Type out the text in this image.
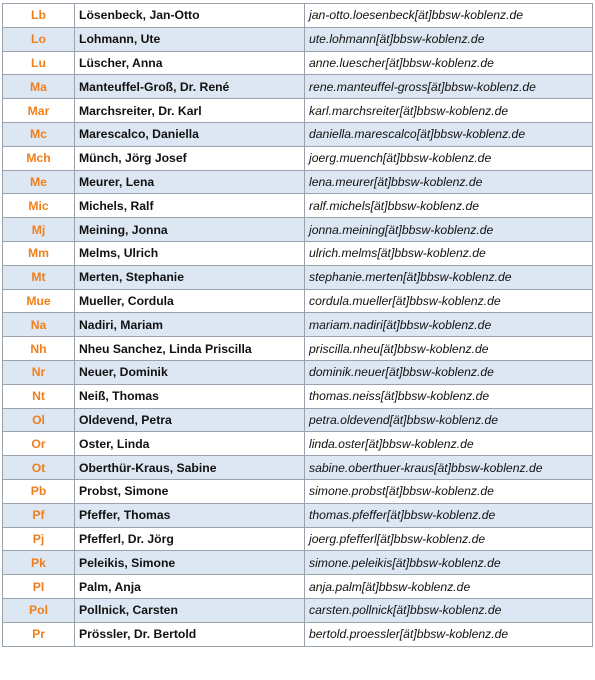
Lb	Lösenbeck, Jan-Otto	jan-otto.loesenbeck[ät]bbsw-koblenz.de
Lo	Lohmann, Ute	ute.lohmann[ät]bbsw-koblenz.de
Lu	Lüscher, Anna	anne.luescher[ät]bbsw-koblenz.de
Ma	Manteuffel-Groß, Dr. René	rene.manteuffel-gross[ät]bbsw-koblenz.de
Mar	Marchsreiter, Dr. Karl	karl.marchsreiter[ät]bbsw-koblenz.de
Mc	Marescalco, Daniella	daniella.marescalco[ät]bbsw-koblenz.de
Mch	Münch, Jörg Josef	joerg.muench[ät]bbsw-koblenz.de
Me	Meurer, Lena	lena.meurer[ät]bbsw-koblenz.de
Mic	Michels, Ralf	ralf.michels[ät]bbsw-koblenz.de
Mj	Meining, Jonna	jonna.meining[ät]bbsw-koblenz.de
Mm	Melms, Ulrich	ulrich.melms[ät]bbsw-koblenz.de
Mt	Merten, Stephanie	stephanie.merten[ät]bbsw-koblenz.de
Mue	Mueller, Cordula	cordula.mueller[ät]bbsw-koblenz.de
Na	Nadiri, Mariam	mariam.nadiri[ät]bbsw-koblenz.de
Nh	Nheu Sanchez, Linda Priscilla	priscilla.nheu[ät]bbsw-koblenz.de
Nr	Neuer, Dominik	dominik.neuer[ät]bbsw-koblenz.de
Nt	Neiß, Thomas	thomas.neiss[ät]bbsw-koblenz.de
Ol	Oldevend, Petra	petra.oldevend[ät]bbsw-koblenz.de
Or	Oster, Linda	linda.oster[ät]bbsw-koblenz.de
Ot	Oberthür-Kraus, Sabine	sabine.oberthuer-kraus[ät]bbsw-koblenz.de
Pb	Probst, Simone	simone.probst[ät]bbsw-koblenz.de
Pf	Pfeffer, Thomas	thomas.pfeffer[ät]bbsw-koblenz.de
Pj	Pfefferl, Dr. Jörg	joerg.pfefferl[ät]bbsw-koblenz.de
Pk	Peleikis, Simone	simone.peleikis[ät]bbsw-koblenz.de
Pl	Palm, Anja	anja.palm[ät]bbsw-koblenz.de
Pol	Pollnick, Carsten	carsten.pollnick[ät]bbsw-koblenz.de
Pr	Prössler, Dr. Bertold	bertold.proessler[ät]bbsw-koblenz.de
